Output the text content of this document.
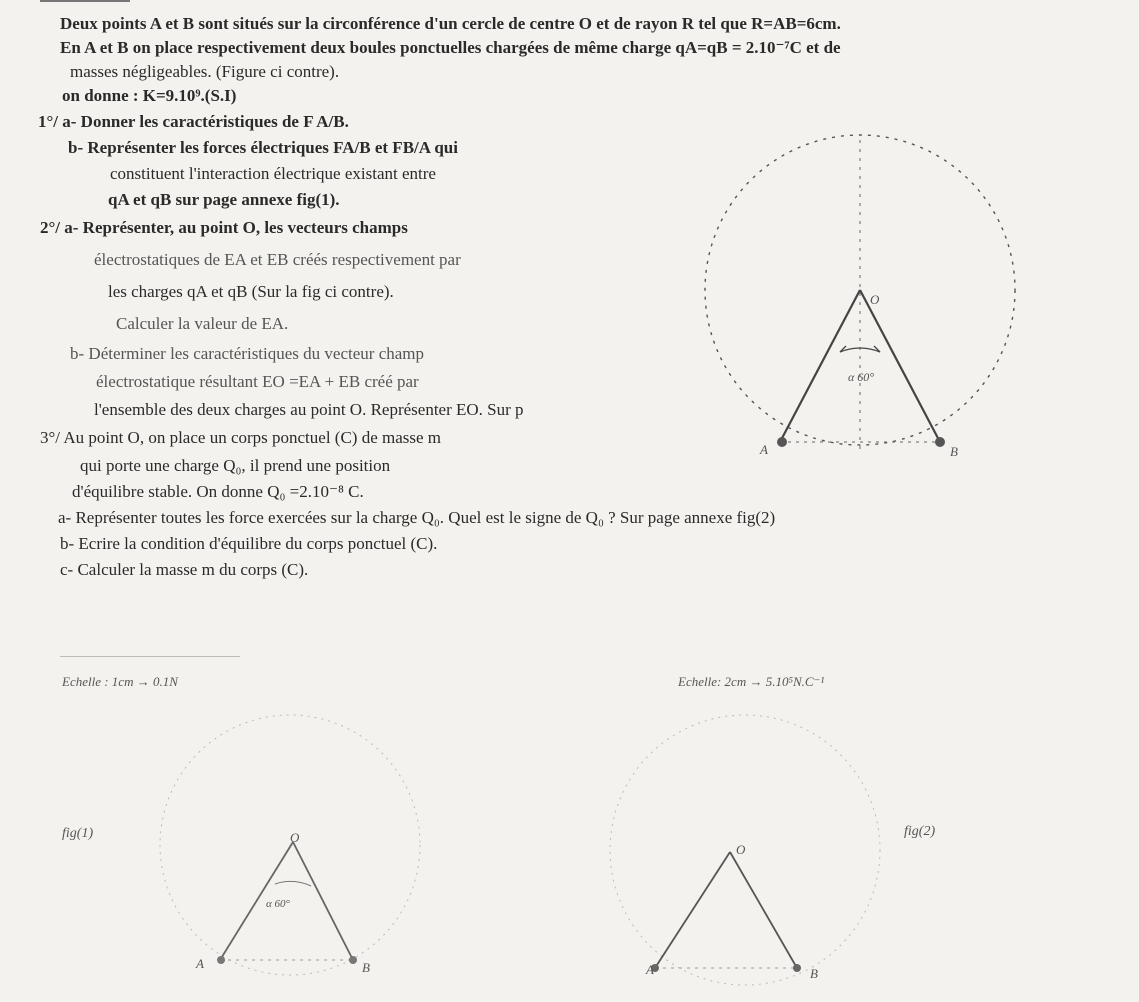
Deux points A et B sont situés sur la circonférence d'un cercle de centre O et de rayon R tel que R=AB=6cm.
En A et B on place respectivement deux boules ponctuelles chargées de même charge qA=qB = 2.10⁻⁷C et de
masses négligeables. (Figure ci contre).
on donne : K=9.10⁹.(S.I)
1°/ a- Donner les caractéristiques de F A/B.
b- Représenter les forces électriques FA/B et FB/A qui
constituent l'interaction électrique existant entre
qA et qB sur page annexe fig(1).
2°/ a- Représenter, au point O, les vecteurs champs
électrostatiques de EA et EB créés respectivement par
les charges qA et qB (Sur la fig ci contre).
Calculer la valeur de EA.
b- Déterminer les caractéristiques du vecteur champ
électrostatique résultant EO =EA + EB créé par
l'ensemble des deux charges au point O. Représenter EO. Sur p
3°/ Au point O, on place un corps ponctuel (C) de masse m
qui porte une charge Q₀, il prend une position
d'équilibre stable. On donne Q₀ =2.10⁻⁸ C.
a- Représenter toutes les force exercées sur la charge Q₀. Quel est le signe de Q₀ ? Sur page annexe fig(2)
b- Ecrire la condition d'équilibre du corps ponctuel (C).
c- Calculer la masse m du corps (C).
O
A	B
α 60°
Echelle : 1cm → 0.1N
fig(1)	O
A	B
α 60°
Echelle: 2cm → 5.10⁵N.C⁻¹
fig(2)
O
A	B
